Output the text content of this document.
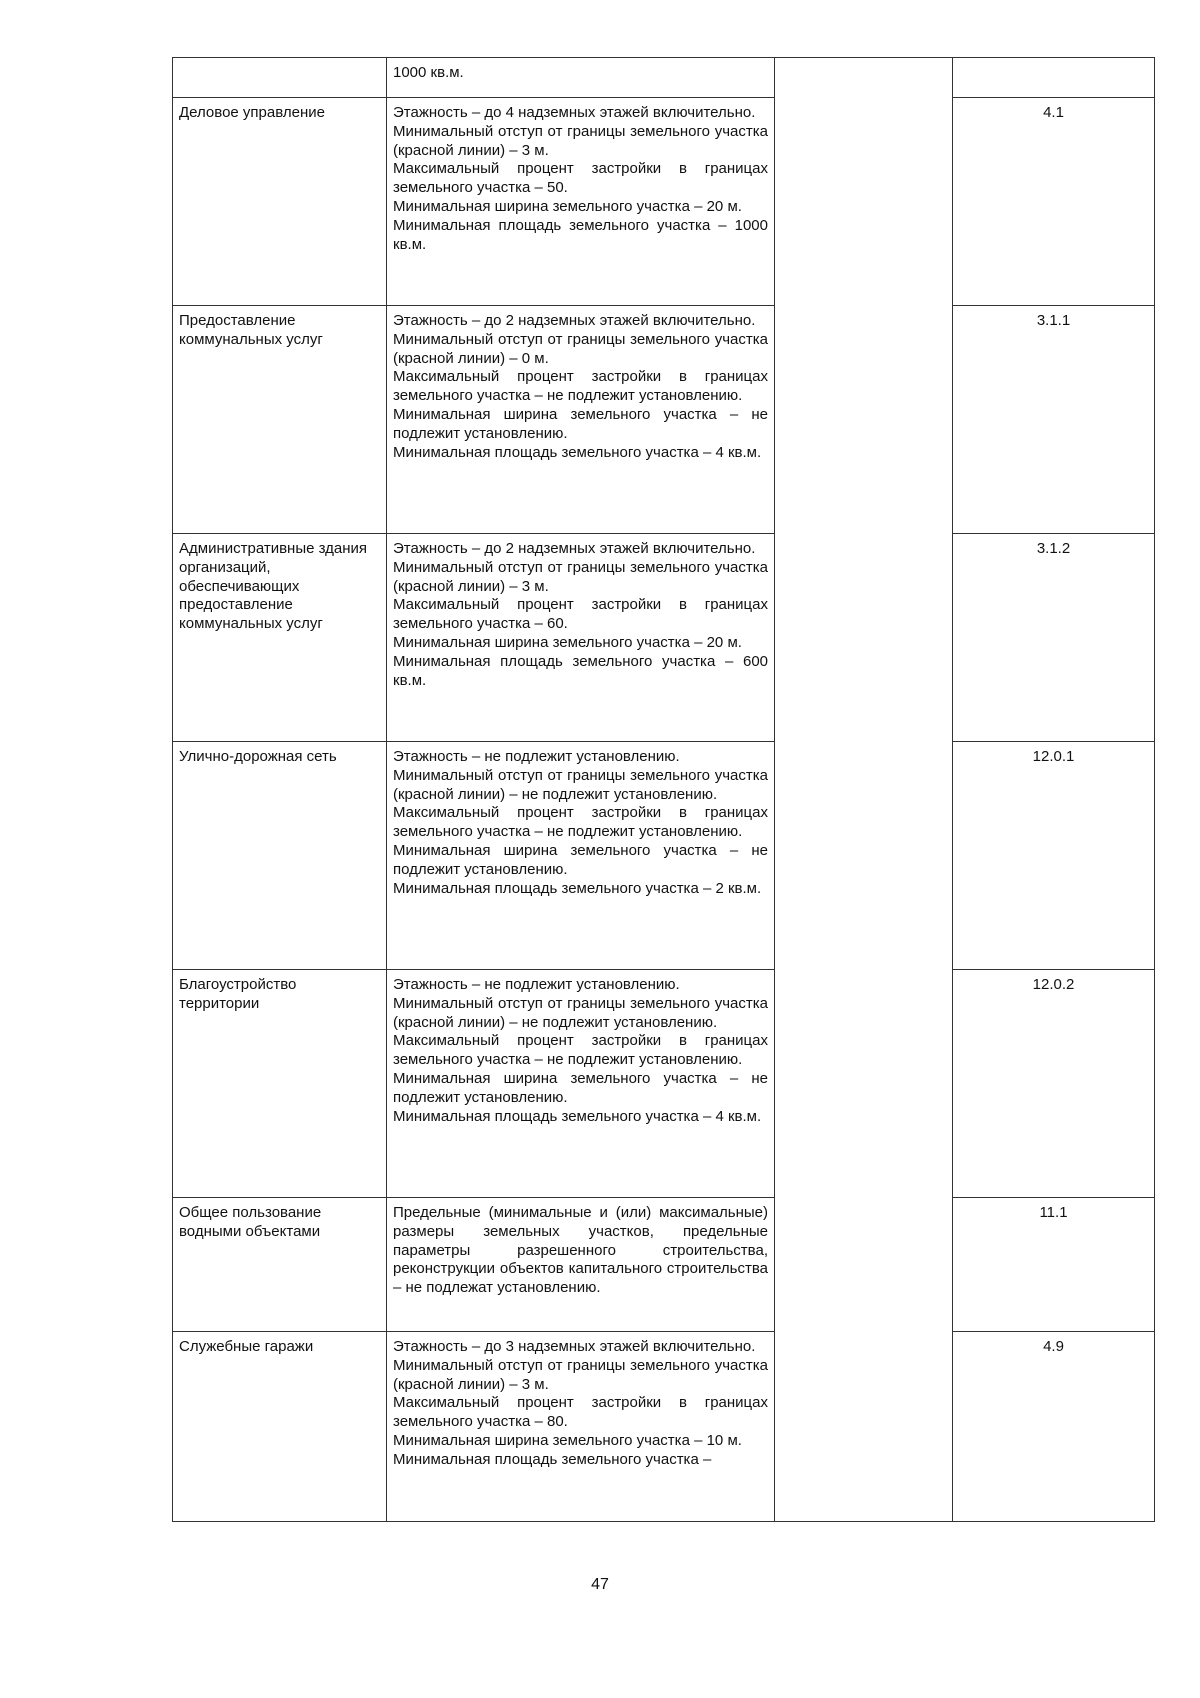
	1000 кв.м.		

Деловое управление	Этажность – до 4 надземных этажей включительно.
Минимальный отступ от границы земельного участка (красной линии) – 3 м.
Максимальный процент застройки в границах земельного участка – 50.
Минимальная ширина земельного участка – 20 м.
Минимальная площадь земельного участка – 1000 кв.м.		4.1
Предоставление коммунальных услуг	Этажность – до 2 надземных этажей включительно.
Минимальный отступ от границы земельного участка (красной линии) – 0 м.
Максимальный процент застройки в границах земельного участка – не подлежит установлению.
Минимальная ширина земельного участка – не подлежит установлению.
Минимальная площадь земельного участка – 4 кв.м.		3.1.1
Административные здания организаций, обеспечивающих предоставление коммунальных услуг	Этажность – до 2 надземных этажей включительно.
Минимальный отступ от границы земельного участка (красной линии) – 3 м.
Максимальный процент застройки в границах земельного участка – 60.
Минимальная ширина земельного участка – 20 м.
Минимальная площадь земельного участка – 600 кв.м.		3.1.2
Улично-дорожная сеть	Этажность – не подлежит установлению.
Минимальный отступ от границы земельного участка (красной линии) – не подлежит установлению.
Максимальный процент застройки в границах земельного участка – не подлежит установлению.
Минимальная ширина земельного участка – не подлежит установлению.
Минимальная площадь земельного участка – 2 кв.м.		12.0.1
Благоустройство территории	Этажность – не подлежит установлению.
Минимальный отступ от границы земельного участка (красной линии) – не подлежит установлению.
Максимальный процент застройки в границах земельного участка – не подлежит установлению.
Минимальная ширина земельного участка – не подлежит установлению.
Минимальная площадь земельного участка – 4 кв.м.		12.0.2
Общее пользование водными объектами	Предельные (минимальные и (или) максимальные) размеры земельных участков, предельные параметры разрешенного строительства, реконструкции объектов капитального строительства – не подлежат установлению.		11.1
Служебные гаражи	Этажность – до 3 надземных этажей включительно.
Минимальный отступ от границы земельного участка (красной линии) – 3 м.
Максимальный процент застройки в границах земельного участка – 80.
Минимальная ширина земельного участка – 10 м.
Минимальная площадь земельного участка –		4.9
47
